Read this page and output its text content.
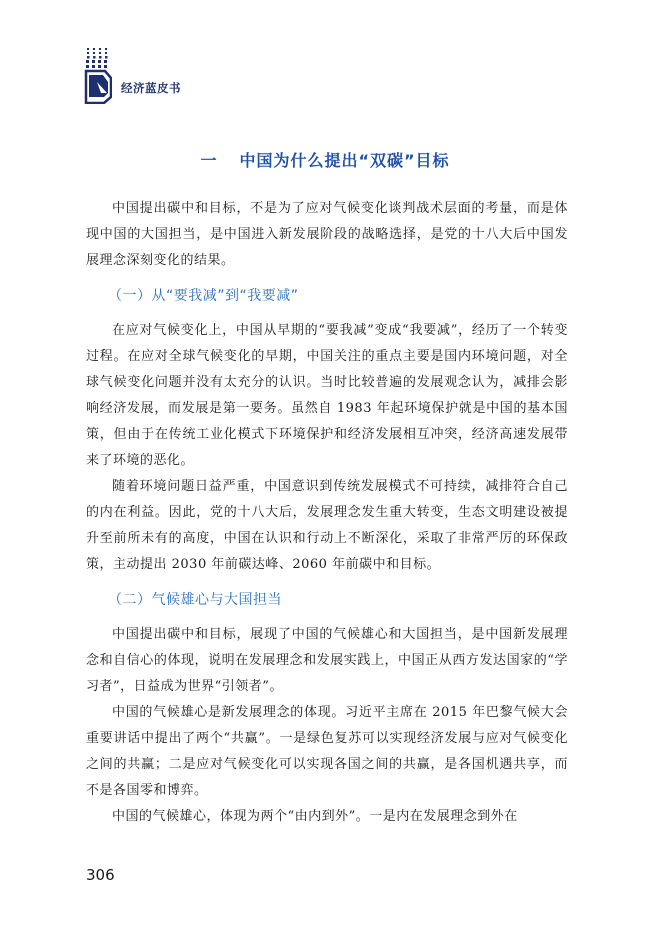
经济蓝皮书
一 中国为什么提出“双碳”目标

中国提出碳中和目标，不是为了应对气候变化谈判战术层面的考量，而是体现中国的大国担当，是中国进入新发展阶段的战略选择，是党的十八大后中国发展理念深刻变化的结果。

（一）从“要我减”到“我要减”

在应对气候变化上，中国从早期的“要我减”变成“我要减”，经历了一个转变过程。在应对全球气候变化的早期，中国关注的重点主要是国内环境问题，对全球气候变化问题并没有太充分的认识。当时比较普遍的发展观念认为，减排会影响经济发展，而发展是第一要务。虽然自 1983 年起环境保护就是中国的基本国策，但由于在传统工业化模式下环境保护和经济发展相互冲突，经济高速发展带来了环境的恶化。

随着环境问题日益严重，中国意识到传统发展模式不可持续，减排符合自己的内在利益。因此，党的十八大后，发展理念发生重大转变，生态文明建设被提升至前所未有的高度，中国在认识和行动上不断深化，采取了非常严厉的环保政策，主动提出 2030 年前碳达峰、2060 年前碳中和目标。

（二）气候雄心与大国担当

中国提出碳中和目标，展现了中国的气候雄心和大国担当，是中国新发展理念和自信心的体现，说明在发展理念和发展实践上，中国正从西方发达国家的“学习者”，日益成为世界“引领者”。

中国的气候雄心是新发展理念的体现。习近平主席在 2015 年巴黎气候大会重要讲话中提出了两个“共赢”。一是绿色复苏可以实现经济发展与应对气候变化之间的共赢；二是应对气候变化可以实现各国之间的共赢，是各国机遇共享，而不是各国零和博弈。

中国的气候雄心，体现为两个“由内到外”。一是内在发展理念到外在

306
